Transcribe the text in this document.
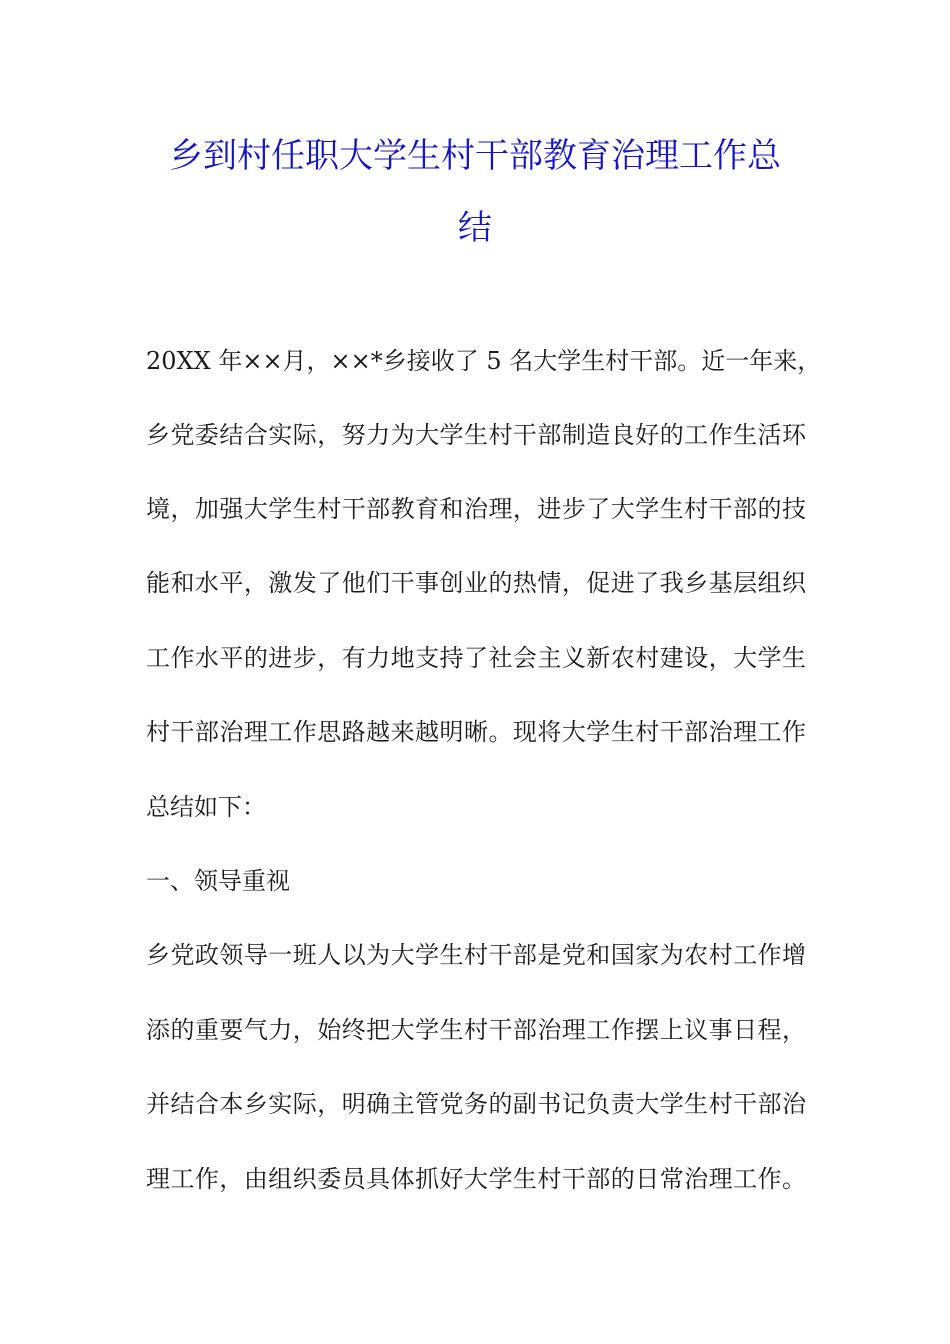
乡到村任职大学生村干部教育治理工作总
结
20XX 年××月，××*乡接收了 5 名大学生村干部。近一年来，
乡党委结合实际，努力为大学生村干部制造良好的工作生活环
境，加强大学生村干部教育和治理，进步了大学生村干部的技
能和水平，激发了他们干事创业的热情，促进了我乡基层组织
工作水平的进步，有力地支持了社会主义新农村建设，大学生
村干部治理工作思路越来越明晰。现将大学生村干部治理工作
总结如下：
一、领导重视
乡党政领导一班人以为大学生村干部是党和国家为农村工作增
添的重要气力，始终把大学生村干部治理工作摆上议事日程，
并结合本乡实际，明确主管党务的副书记负责大学生村干部治
理工作，由组织委员具体抓好大学生村干部的日常治理工作。
